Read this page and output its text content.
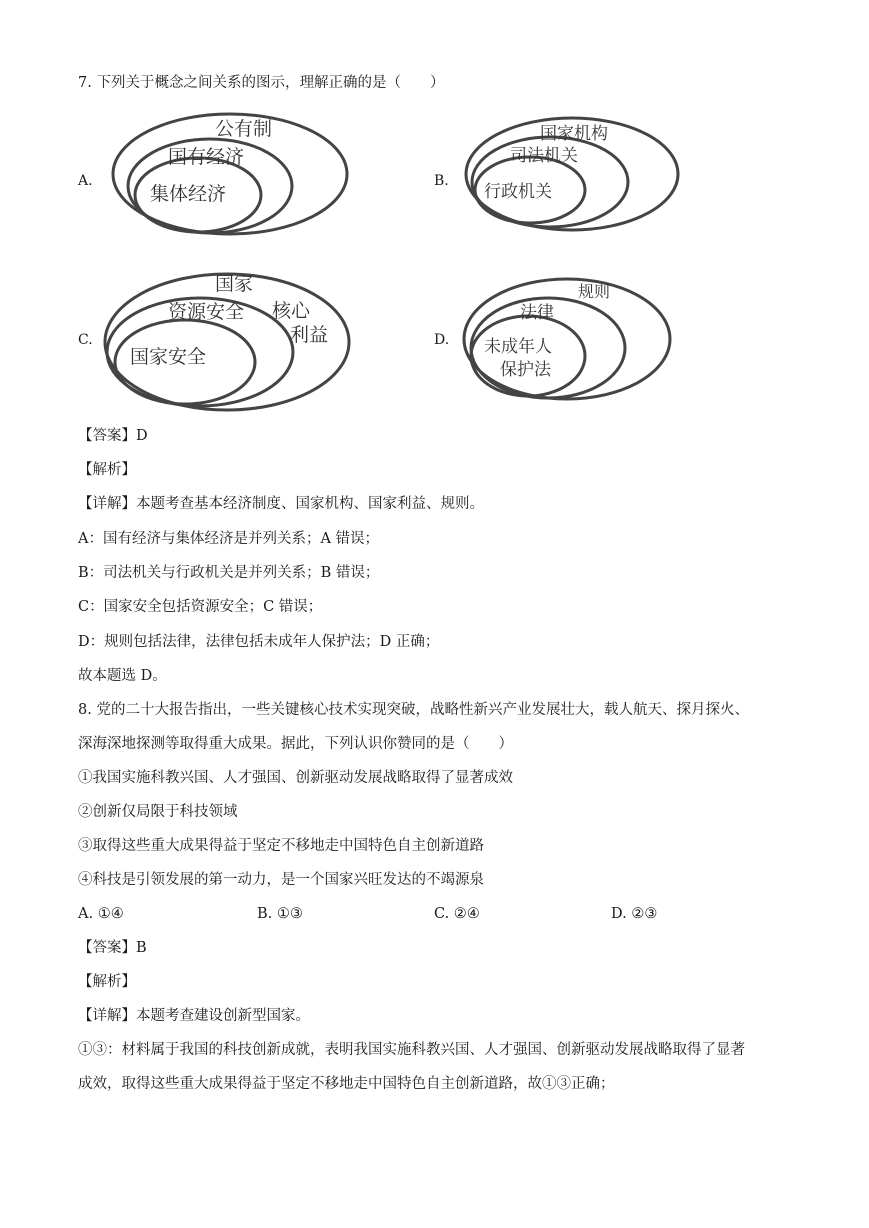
7. 下列关于概念之间关系的图示，理解正确的是（　　）
A.
公有制
国有经济
集体经济
B.
国家机构
司法机关
行政机关
C.
国家
核心
利益
资源安全
国家安全
D.
规则
法律
未成年人
保护法
【答案】D
【解析】
【详解】本题考查基本经济制度、国家机构、国家利益、规则。
A：国有经济与集体经济是并列关系；A 错误；
B：司法机关与行政机关是并列关系；B 错误；
C：国家安全包括资源安全；C 错误；
D：规则包括法律，法律包括未成年人保护法；D 正确；
故本题选 D。
8. 党的二十大报告指出，一些关键核心技术实现突破，战略性新兴产业发展壮大，载人航天、探月探火、
深海深地探测等取得重大成果。据此，下列认识你赞同的是（　　）
①我国实施科教兴国、人才强国、创新驱动发展战略取得了显著成效
②创新仅局限于科技领域
③取得这些重大成果得益于坚定不移地走中国特色自主创新道路
④科技是引领发展的第一动力，是一个国家兴旺发达的不竭源泉
A. ①④	B. ①③	C. ②④	D. ②③
【答案】B
【解析】
【详解】本题考查建设创新型国家。
①③：材料属于我国的科技创新成就，表明我国实施科教兴国、人才强国、创新驱动发展战略取得了显著
成效，取得这些重大成果得益于坚定不移地走中国特色自主创新道路，故①③正确；
